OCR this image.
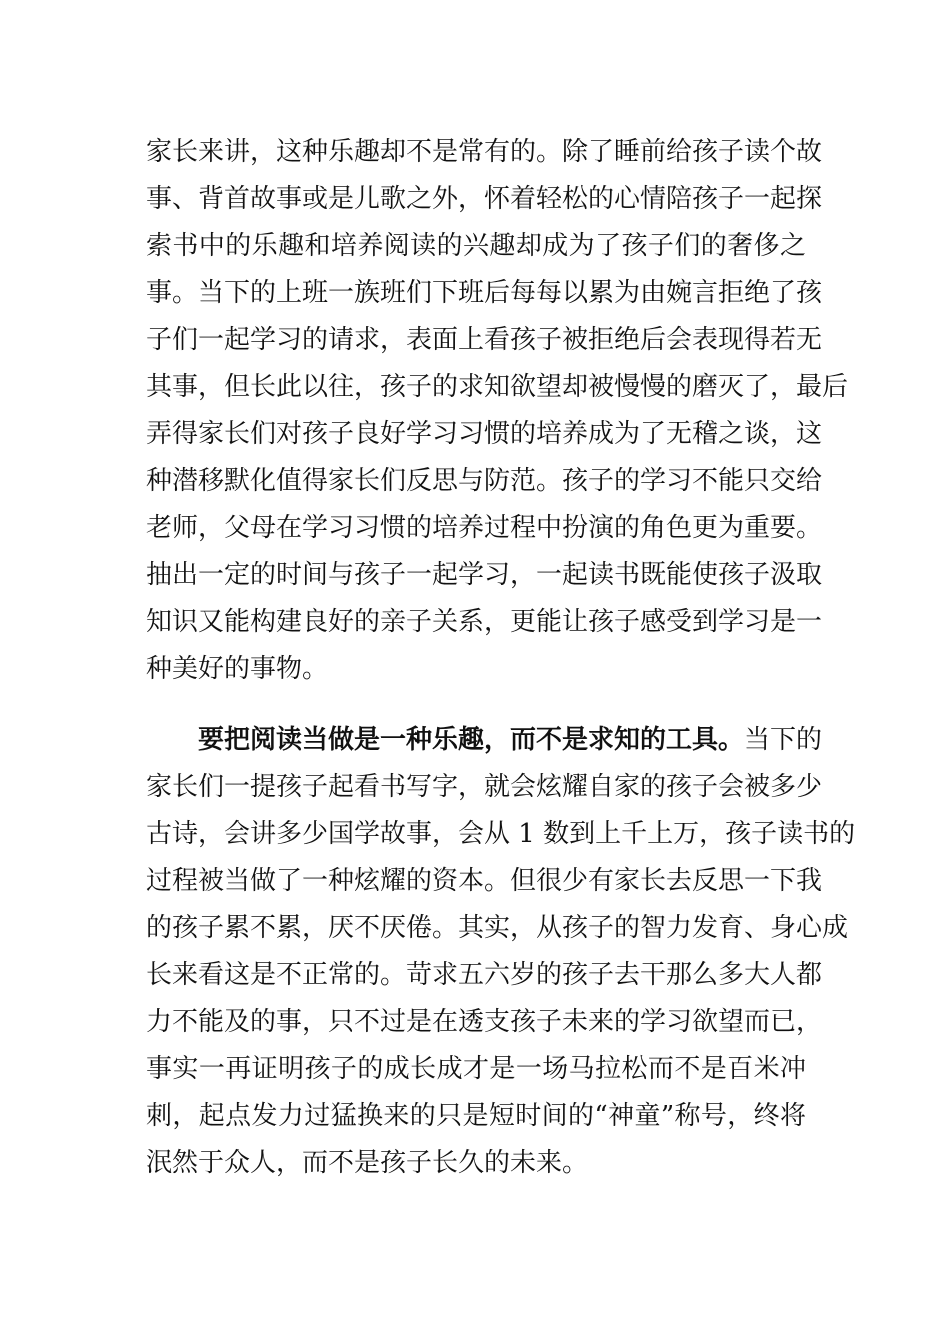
家长来讲，这种乐趣却不是常有的。除了睡前给孩子读个故
事、背首故事或是儿歌之外，怀着轻松的心情陪孩子一起探
索书中的乐趣和培养阅读的兴趣却成为了孩子们的奢侈之
事。当下的上班一族班们下班后每每以累为由婉言拒绝了孩
子们一起学习的请求，表面上看孩子被拒绝后会表现得若无
其事，但长此以往，孩子的求知欲望却被慢慢的磨灭了，最后
弄得家长们对孩子良好学习习惯的培养成为了无稽之谈，这
种潜移默化值得家长们反思与防范。孩子的学习不能只交给
老师，父母在学习习惯的培养过程中扮演的角色更为重要。
抽出一定的时间与孩子一起学习，一起读书既能使孩子汲取
知识又能构建良好的亲子关系，更能让孩子感受到学习是一
种美好的事物。
要把阅读当做是一种乐趣，而不是求知的工具。当下的
家长们一提孩子起看书写字，就会炫耀自家的孩子会被多少
古诗，会讲多少国学故事，会从 1 数到上千上万，孩子读书的
过程被当做了一种炫耀的资本。但很少有家长去反思一下我
的孩子累不累，厌不厌倦。其实，从孩子的智力发育、身心成
长来看这是不正常的。苛求五六岁的孩子去干那么多大人都
力不能及的事，只不过是在透支孩子未来的学习欲望而已，
事实一再证明孩子的成长成才是一场马拉松而不是百米冲
刺，起点发力过猛换来的只是短时间的“神童”称号，终将
泯然于众人，而不是孩子长久的未来。
